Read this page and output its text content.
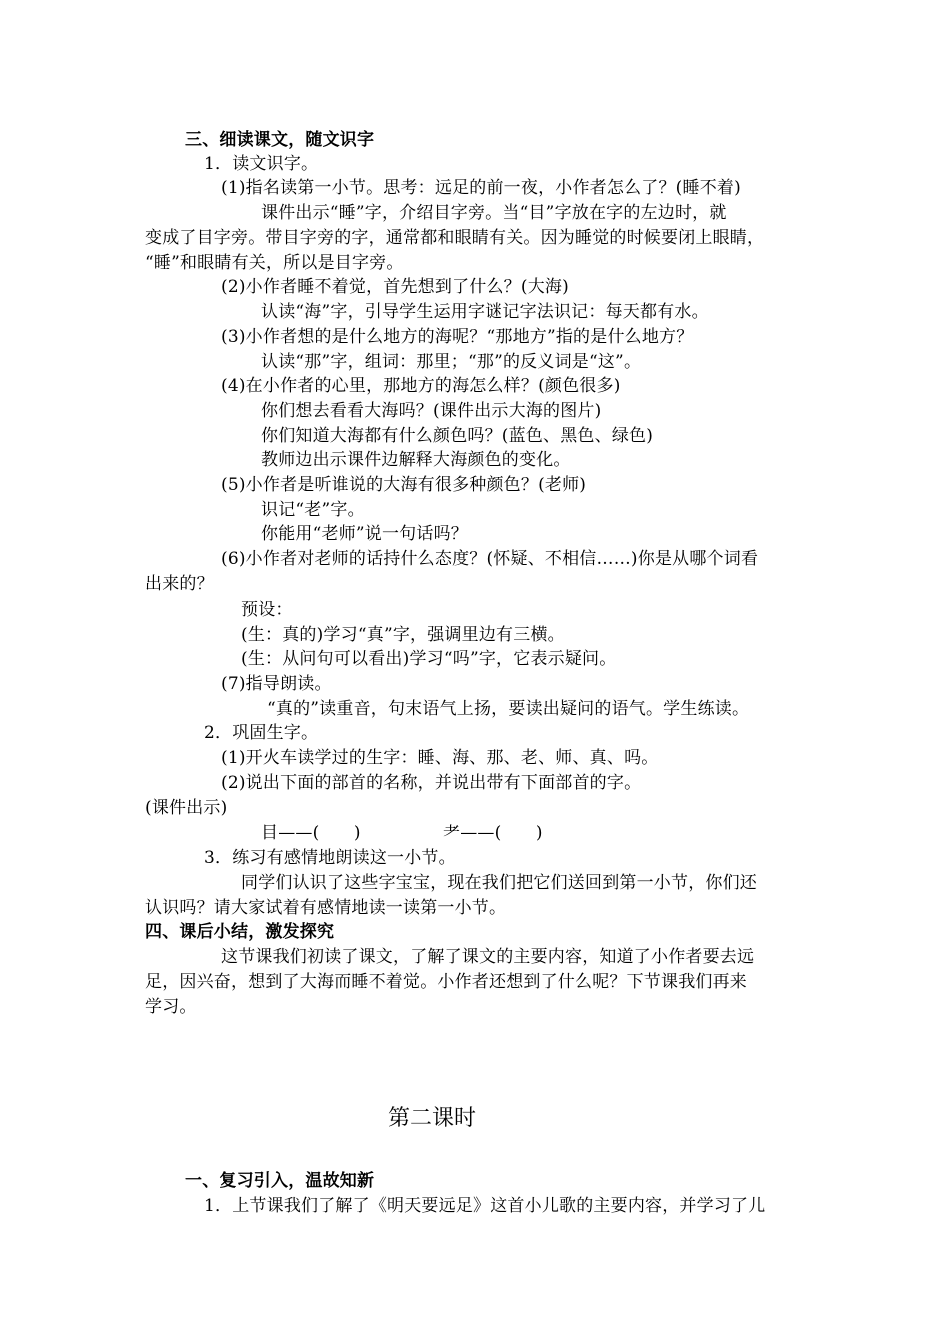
三、细读课文，随文识字
1．读文识字。
(1)指名读第一小节。思考：远足的前一夜，小作者怎么了？(睡不着)
课件出示“睡”字，介绍目字旁。当“目”字放在字的左边时，就
变成了目字旁。带目字旁的字，通常都和眼睛有关。因为睡觉的时候要闭上眼睛，
“睡”和眼睛有关，所以是目字旁。
(2)小作者睡不着觉，首先想到了什么？(大海)
认读“海”字，引导学生运用字谜记字法识记：每天都有水。
(3)小作者想的是什么地方的海呢？“那地方”指的是什么地方？
认读“那”字，组词：那里；“那”的反义词是“这”。
(4)在小作者的心里，那地方的海怎么样？(颜色很多)
你们想去看看大海吗？(课件出示大海的图片)
你们知道大海都有什么颜色吗？(蓝色、黑色、绿色)
教师边出示课件边解释大海颜色的变化。
(5)小作者是听谁说的大海有很多种颜色？(老师)
识记“老”字。
你能用“老师”说一句话吗？
(6)小作者对老师的话持什么态度？(怀疑、不相信……)你是从哪个词看
出来的？
预设：
(生：真的)学习“真”字，强调里边有三横。
(生：从问句可以看出)学习“吗”字，它表示疑问。
(7)指导朗读。
“真的”读重音，句末语气上扬，要读出疑问的语气。学生练读。
2．巩固生字。
(1)开火车读学过的生字：睡、海、那、老、师、真、吗。
(2)说出下面的部首的名称，并说出带有下面部首的字。
(课件出示)
目——(　　)	耂——(　　)
3．练习有感情地朗读这一小节。
同学们认识了这些字宝宝，现在我们把它们送回到第一小节，你们还
认识吗？请大家试着有感情地读一读第一小节。
四、课后小结，激发探究
这节课我们初读了课文，了解了课文的主要内容，知道了小作者要去远
足，因兴奋，想到了大海而睡不着觉。小作者还想到了什么呢？下节课我们再来
学习。
第二课时
一、复习引入，温故知新
1．上节课我们了解了《明天要远足》这首小儿歌的主要内容，并学习了儿
